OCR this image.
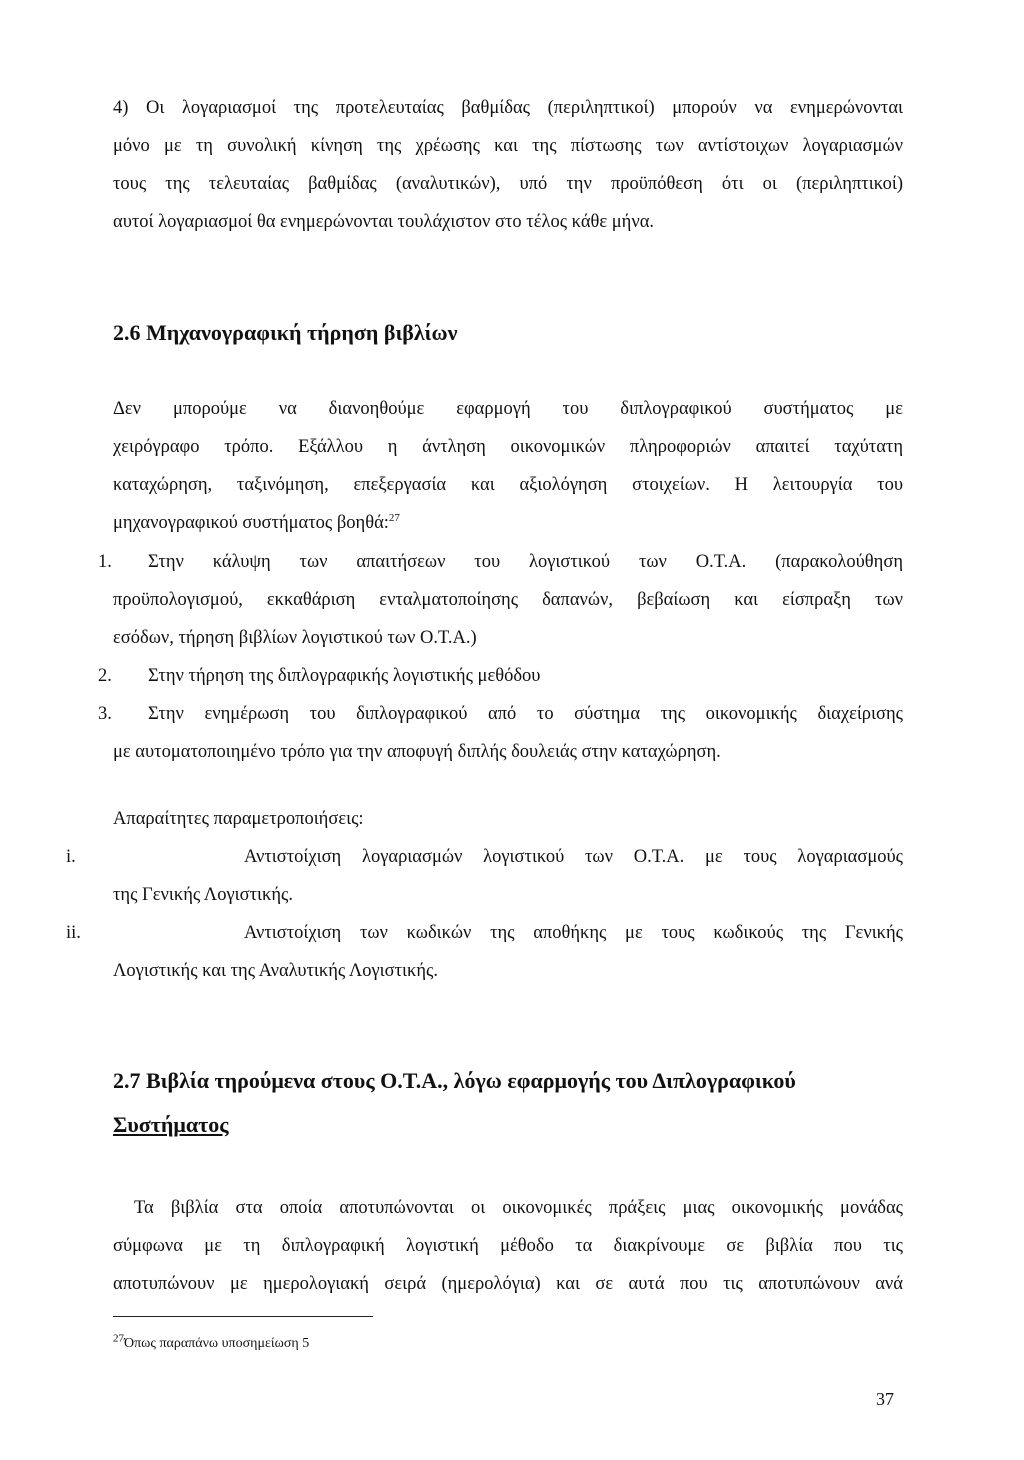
4) Οι λογαριασμοί της προτελευταίας βαθμίδας (περιληπτικοί) μπορούν να ενημερώνονται
μόνο με τη συνολική κίνηση της χρέωσης και της πίστωσης των αντίστοιχων λογαριασμών
τους της τελευταίας βαθμίδας (αναλυτικών), υπό την προϋπόθεση ότι οι (περιληπτικοί)
αυτοί λογαριασμοί θα ενημερώνονται τουλάχιστον στο τέλος κάθε μήνα.
2.6 Μηχανογραφική τήρηση βιβλίων
Δεν μπορούμε να διανοηθούμε εφαρμογή του διπλογραφικού συστήματος με
χειρόγραφο τρόπο. Εξάλλου η άντληση οικονομικών πληροφοριών απαιτεί ταχύτατη
καταχώρηση, ταξινόμηση, επεξεργασία και αξιολόγηση στοιχείων. Η λειτουργία του
μηχανογραφικού συστήματος βοηθά:$^{27}$
1. Στην κάλυψη των απαιτήσεων του λογιστικού των Ο.Τ.Α. (παρακολούθηση
προϋπολογισμού, εκκαθάριση ενταλματοποίησης δαπανών, βεβαίωση και είσπραξη των
εσόδων, τήρηση βιβλίων λογιστικού των Ο.Τ.Α.)
2. Στην τήρηση της διπλογραφικής λογιστικής μεθόδου
3. Στην ενημέρωση του διπλογραφικού από το σύστημα της οικονομικής διαχείρισης
με αυτοματοποιημένο τρόπο για την αποφυγή διπλής δουλειάς στην καταχώρηση.
Απαραίτητες παραμετροποιήσεις:
i.	Αντιστοίχιση λογαριασμών λογιστικού των Ο.Τ.Α. με τους λογαριασμούς
της Γενικής Λογιστικής.
ii.	Αντιστοίχιση των κωδικών της αποθήκης με τους κωδικούς της Γενικής
Λογιστικής και της Αναλυτικής Λογιστικής.
2.7 Βιβλία τηρούμενα στους Ο.Τ.Α., λόγω εφαρμογής του Διπλογραφικού
Συστήματος
Τα βιβλία στα οποία αποτυπώνονται οι οικονομικές πράξεις μιας οικονομικής μονάδας
σύμφωνα με τη διπλογραφική λογιστική μέθοδο τα διακρίνουμε σε βιβλία που τις
αποτυπώνουν με ημερολογιακή σειρά (ημερολόγια) και σε αυτά που τις αποτυπώνουν ανά
$^{27}$Όπως παραπάνω υποσημείωση 5
37
